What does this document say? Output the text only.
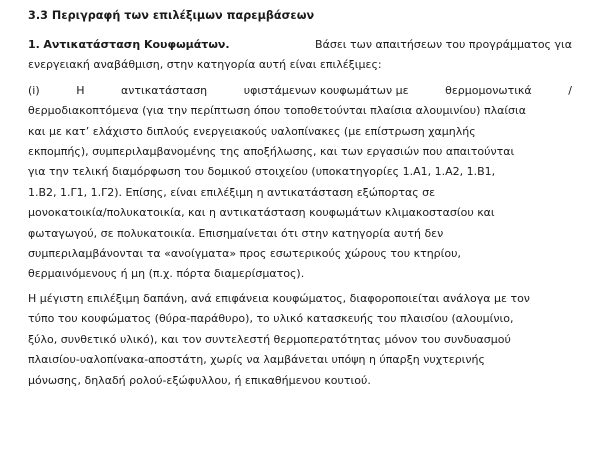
3.3 Περιγραφή των επιλέξιμων παρεμβάσεων
1. Αντικατάσταση Κουφωμάτων.	Βάσει των απαιτήσεων του προγράμματος για
ενεργειακή αναβάθμιση, στην κατηγορία αυτή είναι επιλέξιμες:
(i)	Η	αντικατάσταση	υφιστάμενων κουφωμάτων με	θερμομονωτικά	/
θερμοδιακοπτόμενα (για την περίπτωση όπου τοποθετούνται πλαίσια αλουμινίου) πλαίσια
και με κατ’ ελάχιστο διπλούς ενεργειακούς υαλοπίνακες (με επίστρωση χαμηλής
εκπομπής), συμπεριλαμβανομένης της αποξήλωσης, και των εργασιών που απαιτούνται
για την τελική διαμόρφωση του δομικού στοιχείου (υποκατηγορίες 1.Α1, 1.Α2, 1.Β1,
1.Β2, 1.Γ1, 1.Γ2). Επίσης, είναι επιλέξιμη η αντικατάσταση εξώπορτας σε
μονοκατοικία/πολυκατοικία, και η αντικατάσταση κουφωμάτων κλιμακοστασίου και
φωταγωγού, σε πολυκατοικία. Επισημαίνεται ότι στην κατηγορία αυτή δεν
συμπεριλαμβάνονται τα «ανοίγματα» προς εσωτερικούς χώρους του κτηρίου,
θερμαινόμενους ή μη (π.χ. πόρτα διαμερίσματος).
Η μέγιστη επιλέξιμη δαπάνη, ανά επιφάνεια κουφώματος, διαφοροποιείται ανάλογα με τον
τύπο του κουφώματος (θύρα-παράθυρο), το υλικό κατασκευής του πλαισίου (αλουμίνιο,
ξύλο, συνθετικό υλικό), και τον συντελεστή θερμοπερατότητας μόνον του συνδυασμού
πλαισίου-υαλοπίνακα-αποστάτη, χωρίς να λαμβάνεται υπόψη η ύπαρξη νυχτερινής
μόνωσης, δηλαδή ρολού-εξώφυλλου, ή επικαθήμενου κουτιού.
